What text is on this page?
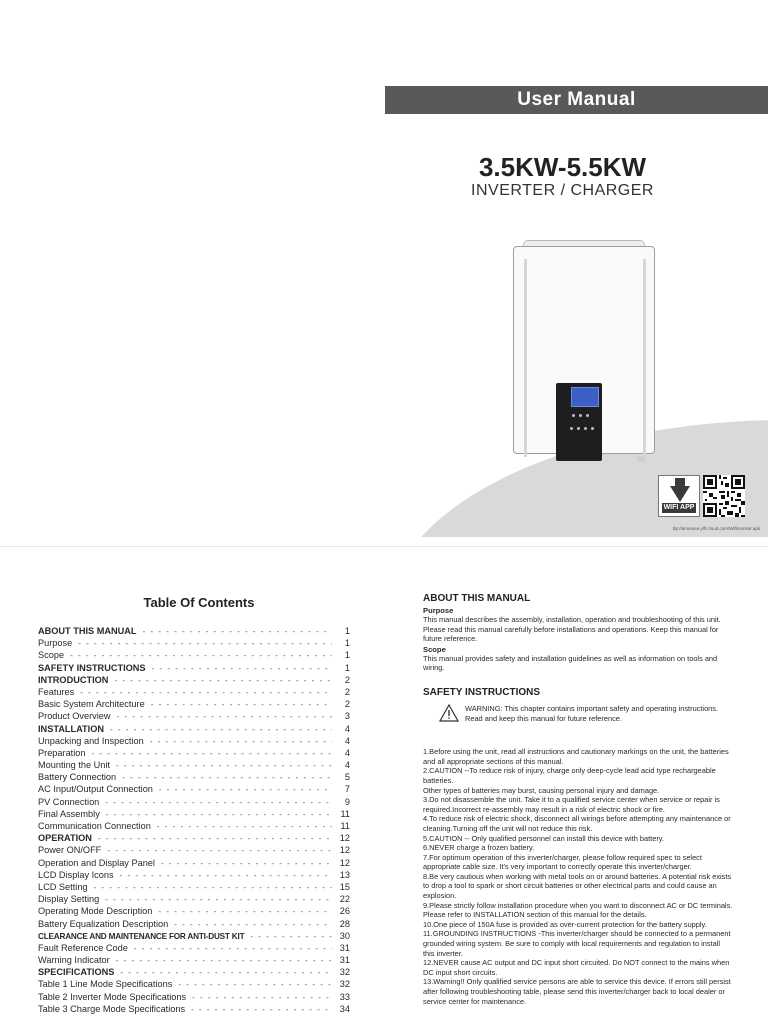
User Manual
3.5KW-5.5KW
INVERTER / CHARGER
WIFI APP
ttp://amurase.ylfr.cloud.com/Wifimonitor.apk
Table Of Contents
ABOUT THIS MANUAL - - -	1
Purpose - - -	1
Scope - - -	1
SAFETY INSTRUCTIONS - - -	1
INTRODUCTION - - -	2
Features - - -	2
Basic System Architecture - - -	2
Product Overview - - -	3
INSTALLATION - - -	4
Unpacking and Inspection - - -	4
Preparation - - -	4
Mounting the Unit - - -	4
Battery Connection - - -	5
AC Input/Output Connection - - -	7
PV Connection - - -	9
Final Assembly - - -	11
Communication Connection - - -	11
OPERATION - - -	12
Power ON/OFF - - -	12
Operation and Display Panel - - -	12
LCD Display Icons - - -	13
LCD Setting - - -	15
Display Setting - - -	22
Operating Mode Description - - -	26
Battery Equalization Description - - -	28
CLEARANCE AND MAINTENANCE FOR ANTI-DUST KIT - - -	30
Fault Reference Code - - -	31
Warning Indicator - - -	31
SPECIFICATIONS - - -	32
Table 1 Line Mode Specifications - - -	32
Table 2 Inverter Mode Specifications - - -	33
Table 3 Charge Mode Specifications - - -	34
ABOUT THIS MANUAL
Purpose
This manual describes the assembly, installation, operation and troubleshooting of this unit. Please read this manual carefully before installations and operations. Keep this manual for future reference.
Scope
This manual provides safety and installation guidelines as well as information on tools and wiring.
SAFETY INSTRUCTIONS
WARNING: This chapter contains important safety and operating instructions. Read and keep this manual for future reference.
1.Before using the unit, read all instructions and cautionary markings on the unit, the batteries and all appropriate sections of this manual.
2.CAUTION --To reduce risk of injury, charge only deep-cycle lead acid type rechargeable batteries.
Other types of batteries may burst, causing personal injury and damage.
3.Do not disassemble the unit. Take it to a qualified service center when service or repair is required.Incorrect re-assembly may result in a risk of electric shock or fire.
4.To reduce risk of electric shock, disconnect all wirings before attempting any maintenance or cleaning.Turning off the unit will not reduce this risk.
5.CAUTION -- Only qualified personnel can install this device with battery.
6.NEVER charge a frozen battery.
7.For optimum operation of this inverter/charger, please follow required spec to select appropriate cable size. It's very important to correctly operate this inverter/charger.
8.Be very cautious when working with metal tools on or around batteries. A potential risk exists to drop a tool to spark or short circuit batteries or other electrical parts and could cause an explosion.
9.Please strictly follow installation procedure when you want to disconnect AC or DC terminals. Please refer to INSTALLATION section of this manual for the details.
10.One piece of 150A fuse is provided as over-current protection for the battery supply.
11.GROUNDING INSTRUCTIONS -This inverter/charger should be connected to a permanent grounded wiring system. Be sure to comply with local requirements and regulation to install this inverter.
12.NEVER cause AC output and DC input short circuited. Do NOT connect to the mains when DC input short circuits.
13.Warning!! Only qualified service persons are able to service this device. If errors still persist after following troubleshooting table, please send this inverter/charger back to local dealer or service center for maintenance.
